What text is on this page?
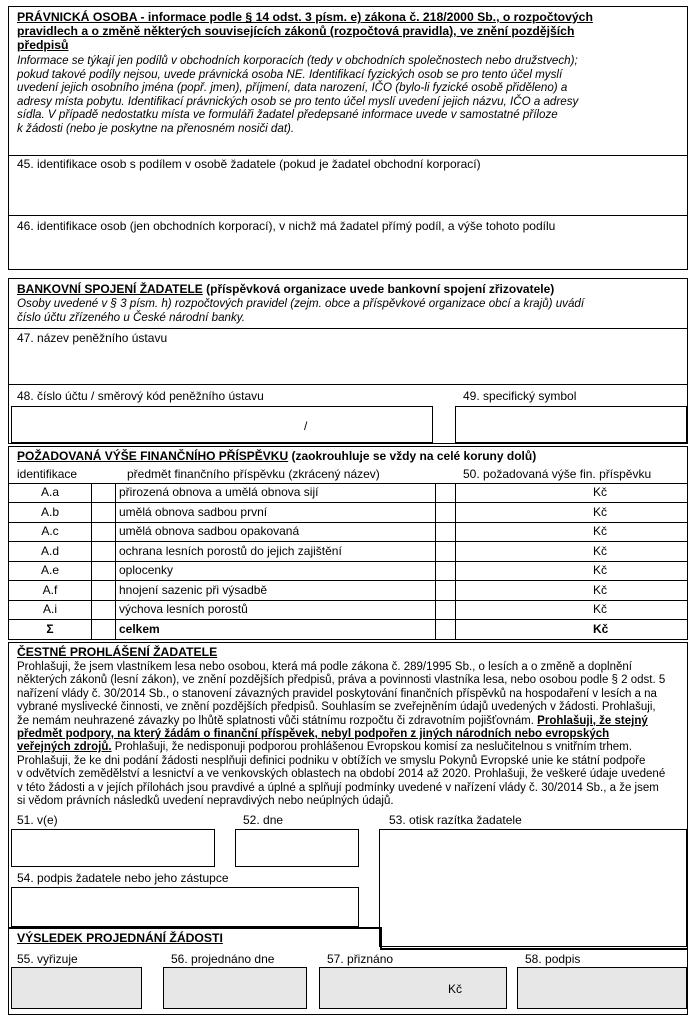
PRÁVNICKÁ OSOBA - informace podle § 14 odst. 3 písm. e) zákona č. 218/2000 Sb., o rozpočtových
pravidlech a o změně některých souvisejících zákonů (rozpočtová pravidla), ve znění pozdějších
předpisů
Informace se týkají jen podílů v obchodních korporacích (tedy v obchodních společnostech nebo družstvech);
pokud takové podíly nejsou, uvede právnická osoba NE. Identifikací fyzických osob se pro tento účel myslí
uvedení jejich osobního jména (popř. jmen), příjmení, data narození, IČO (bylo-li fyzické osobě přiděleno) a
adresy místa pobytu. Identifikací právnických osob se pro tento účel myslí uvedení jejich názvu, IČO a adresy
sídla. V případě nedostatku místa ve formuláři žadatel předepsané informace uvede v samostatné příloze
k žádosti (nebo je poskytne na přenosném nosiči dat).
45. identifikace osob s podílem v osobě žadatele (pokud je žadatel obchodní korporací)
46. identifikace osob (jen obchodních korporací), v nichž má žadatel přímý podíl, a výše tohoto podílu
BANKOVNÍ SPOJENÍ ŽADATELE (příspěvková organizace uvede bankovní spojení zřizovatele)
Osoby uvedené v § 3 písm. h) rozpočtových pravidel (zejm. obce a příspěvkové organizace obcí a krajů) uvádí
číslo účtu zřízeného u České národní banky.
47. název peněžního ústavu
48. číslo účtu / směrový kód peněžního ústavu	49. specifický symbol
/
POŽADOVANÁ VÝŠE FINANČNÍHO PŘÍSPĚVKU (zaokrouhluje se vždy na celé koruny dolů)
identifikace	předmět finančního příspěvku (zkrácený název)	50. požadovaná výše fin. příspěvku
A.a	přirozená obnova a umělá obnova sijí	Kč
A.b	umělá obnova sadbou první	Kč
A.c	umělá obnova sadbou opakovaná	Kč
A.d	ochrana lesních porostů do jejich zajištění	Kč
A.e	oplocenky	Kč
A.f	hnojení sazenic při výsadbě	Kč
A.i	výchova lesních porostů	Kč
Σ	celkem	Kč
ČESTNÉ PROHLÁŠENÍ ŽADATELE
Prohlašuji, že jsem vlastníkem lesa nebo osobou, která má podle zákona č. 289/1995 Sb., o lesích a o změně a doplnění
některých zákonů (lesní zákon), ve znění pozdějších předpisů, práva a povinnosti vlastníka lesa, nebo osobou podle § 2 odst. 5
nařízení vlády č. 30/2014 Sb., o stanovení závazných pravidel poskytování finančních příspěvků na hospodaření v lesích a na
vybrané myslivecké činnosti, ve znění pozdějších předpisů. Souhlasím se zveřejněním údajů uvedených v žádosti. Prohlašuji,
že nemám neuhrazené závazky po lhůtě splatnosti vůči státnímu rozpočtu či zdravotním pojišťovnám. Prohlašuji, že stejný
předmět podpory, na který žádám o finanční příspěvek, nebyl podpořen z jiných národních nebo evropských
veřejných zdrojů. Prohlašuji, že nedisponuji podporou prohlášenou Evropskou komisí za neslučitelnou s vnitřním trhem.
Prohlašuji, že ke dni podání žádosti nesplňuji definici podniku v obtížích ve smyslu Pokynů Evropské unie ke státní podpoře
v odvětvích zemědělství a lesnictví a ve venkovských oblastech na období 2014 až 2020. Prohlašuji, že veškeré údaje uvedené
v této žádosti a v jejích přílohách jsou pravdivé a úplné a splňují podmínky uvedené v nařízení vlády č. 30/2014 Sb., a že jsem
si vědom právních následků uvedení nepravdivých nebo neúplných údajů.
51. v(e)	52. dne	53. otisk razítka žadatele
54. podpis žadatele nebo jeho zástupce
VÝSLEDEK PROJEDNÁNÍ ŽÁDOSTI
55. vyřizuje	56. projednáno dne	57. přiznáno	58. podpis
Kč
